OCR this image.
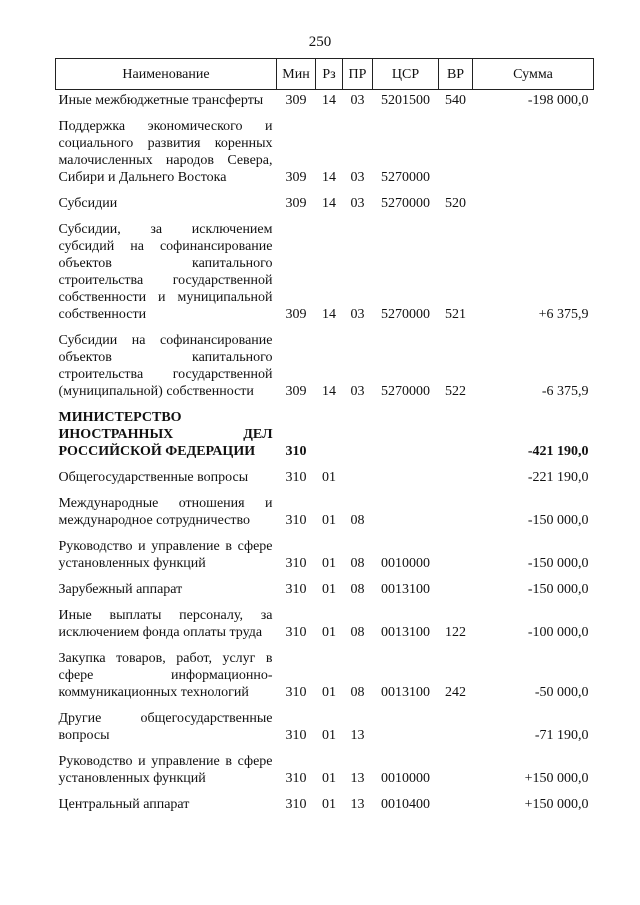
250
Наименование	Мин	Рз	ПР	ЦСР	ВР	Сумма
Иные межбюджетные трансферты	309	14	03	5201500	540	-198 000,0
Поддержка экономического и социального развития коренных малочисленных народов Севера, Сибири и Дальнего Востока	309	14	03	5270000		
Субсидии	309	14	03	5270000	520	
Субсидии, за исключением субсидий на софинансирование объектов капитального строительства государственной собственности и муниципальной собственности	309	14	03	5270000	521	+6 375,9
Субсидии на софинансирование объектов капитального строительства государственной (муниципальной) собственности	309	14	03	5270000	522	-6 375,9
МИНИСТЕРСТВО ИНОСТРАННЫХ ДЕЛ РОССИЙСКОЙ ФЕДЕРАЦИИ	310					-421 190,0
Общегосударственные вопросы	310	01				-221 190,0
Международные отношения и международное сотрудничество	310	01	08			-150 000,0
Руководство и управление в сфере установленных функций	310	01	08	0010000		-150 000,0
Зарубежный аппарат	310	01	08	0013100		-150 000,0
Иные выплаты персоналу, за исключением фонда оплаты труда	310	01	08	0013100	122	-100 000,0
Закупка товаров, работ, услуг в сфере информационно-коммуникационных технологий	310	01	08	0013100	242	-50 000,0
Другие общегосударственные вопросы	310	01	13			-71 190,0
Руководство и управление в сфере установленных функций	310	01	13	0010000		+150 000,0
Центральный аппарат	310	01	13	0010400		+150 000,0
